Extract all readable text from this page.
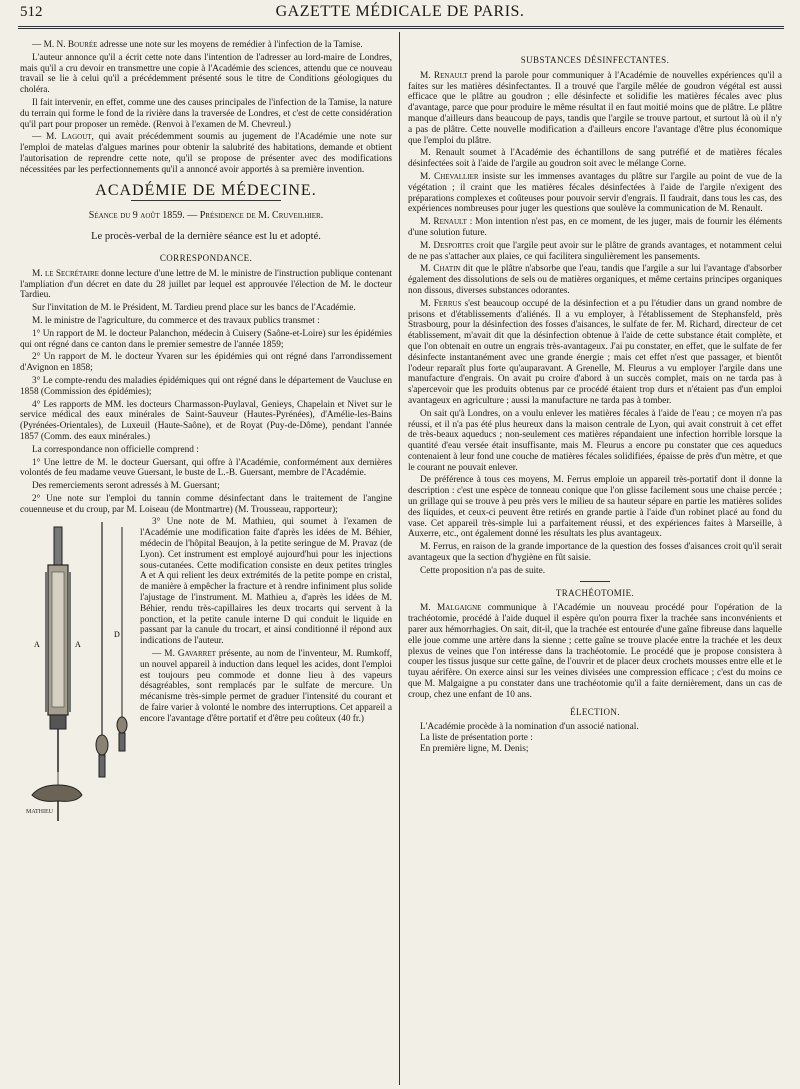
512	GAZETTE MÉDICALE DE PARIS.

— M. N. Bourée adresse une note sur les moyens de remédier à l'infection de la Tamise.

L'auteur annonce qu'il a écrit cette note dans l'intention de l'adresser au lord-maire de Londres, mais qu'il a cru devoir en transmettre une copie à l'Académie des sciences, attendu que ce nouveau travail se lie à celui qu'il a précédemment présenté sous le titre de Conditions géologiques du choléra.

Il fait intervenir, en effet, comme une des causes principales de l'infection de la Tamise, la nature du terrain qui forme le fond de la rivière dans la traversée de Londres, et c'est de cette considération qu'il part pour proposer un remède. (Renvoi à l'examen de M. Chevreul.)

— M. Lagout, qui avait précédemment soumis au jugement de l'Académie une note sur l'emploi de matelas d'algues marines pour obtenir la salubrité des habitations, demande et obtient l'autorisation de reprendre cette note, qu'il se propose de présenter avec des modifications nécessitées par les perfectionnements qu'il a annoncé avoir apportés à sa première invention.

ACADÉMIE DE MÉDECINE.
Séance du 9 août 1859. — Présidence de M. Cruveilhier.
Le procès-verbal de la dernière séance est lu et adopté.
CORRESPONDANCE.

M. le Secrétaire donne lecture d'une lettre de M. le ministre de l'instruction publique contenant l'ampliation d'un décret en date du 28 juillet par lequel est approuvée l'élection de M. le docteur Tardieu.

Sur l'invitation de M. le Président, M. Tardieu prend place sur les bancs de l'Académie.

M. le ministre de l'agriculture, du commerce et des travaux publics transmet :

1° Un rapport de M. le docteur Palanchon, médecin à Cuisery (Saône-et-Loire) sur les épidémies qui ont régné dans ce canton dans le premier semestre de l'année 1859;

2° Un rapport de M. le docteur Yvaren sur les épidémies qui ont régné dans l'arrondissement d'Avignon en 1858;

3° Le compte-rendu des maladies épidémiques qui ont régné dans le département de Vaucluse en 1858 (Commission des épidémies);

4° Les rapports de MM. les docteurs Charmasson-Puylaval, Genieys, Chapelain et Nivet sur le service médical des eaux minérales de Saint-Sauveur (Hautes-Pyrénées), d'Amélie-les-Bains (Pyrénées-Orientales), de Luxeuil (Haute-Saône), et de Royat (Puy-de-Dôme), pendant l'année 1857 (Comm. des eaux minérales.)

La correspondance non officielle comprend :

1° Une lettre de M. le docteur Guersant, qui offre à l'Académie, conformément aux dernières volontés de feu madame veuve Guersant, le buste de L.-B. Guersant, membre de l'Académie.

Des remerciements seront adressés à M. Guersant;

2° Une note sur l'emploi du tannin comme désinfectant dans le traitement de l'angine couenneuse et du croup, par M. Loiseau (de Montmartre) (M. Trousseau, rapporteur);

A	A
D
MATHIEU

3° Une note de M. Mathieu, qui soumet à l'examen de l'Académie une modification faite d'après les idées de M. Béhier, médecin de l'hôpital Beaujon, à la petite seringue de M. Pravaz (de Lyon). Cet instrument est employé aujourd'hui pour les injections sous-cutanées. Cette modification consiste en deux petites tringles A et A qui relient les deux extrémités de la petite pompe en cristal, de manière à empêcher la fracture et à rendre infiniment plus solide l'ajustage de l'instrument. M. Mathieu a, d'après les idées de M. Béhier, rendu très-capillaires les deux trocarts qui servent à la ponction, et la petite canule interne D qui conduit le liquide en passant par la canule du trocart, et ainsi conditionné il répond aux indications de l'auteur.

— M. Gavarret présente, au nom de l'inventeur, M. Rumkoff, un nouvel appareil à induction dans lequel les acides, dont l'emploi est toujours peu commode et donne lieu à des vapeurs désagréables, sont remplacés par le sulfate de mercure. Un mécanisme très-simple permet de graduer l'intensité du courant et de faire varier à volonté le nombre des interruptions. Cet appareil a encore l'avantage d'être portatif et d'être peu coûteux (40 fr.)

SUBSTANCES DÉSINFECTANTES.

M. Renault prend la parole pour communiquer à l'Académie de nouvelles expériences qu'il a faites sur les matières désinfectantes. Il a trouvé que l'argile mêlée de goudron végétal est aussi efficace que le plâtre au goudron ; elle désinfecte et solidifie les matières fécales avec plus d'avantage, parce que pour produire le même résultat il en faut moitié moins que de plâtre. Le plâtre manque d'ailleurs dans beaucoup de pays, tandis que l'argile se trouve partout, et surtout là où il n'y a pas de plâtre. Cette nouvelle modification a d'ailleurs encore l'avantage d'être plus économique que l'emploi du plâtre.

M. Renault soumet à l'Académie des échantillons de sang putréfié et de matières fécales désinfectées soit à l'aide de l'argile au goudron soit avec le mélange Corne.

M. Chevallier insiste sur les immenses avantages du plâtre sur l'argile au point de vue de la végétation ; il craint que les matières fécales désinfectées à l'aide de l'argile n'exigent des préparations complexes et coûteuses pour pouvoir servir d'engrais. Il faudrait, dans tous les cas, des expériences nombreuses pour juger les questions que soulève la communication de M. Renault.

M. Renault : Mon intention n'est pas, en ce moment, de les juger, mais de fournir les éléments d'une solution future.

M. Desportes croit que l'argile peut avoir sur le plâtre de grands avantages, et notamment celui de ne pas s'attacher aux plaies, ce qui facilitera singulièrement les pansements.

M. Chatin dit que le plâtre n'absorbe que l'eau, tandis que l'argile a sur lui l'avantage d'absorber également des dissolutions de sels ou de matières organiques, et même certains principes organiques non dissous, diverses substances odorantes.

M. Ferrus s'est beaucoup occupé de la désinfection et a pu l'étudier dans un grand nombre de prisons et d'établissements d'aliénés. Il a vu employer, à l'établissement de Stephansfeld, près Strasbourg, pour la désinfection des fosses d'aisances, le sulfate de fer. M. Richard, directeur de cet établissement, m'avait dit que la désinfection obtenue à l'aide de cette substance était complète, et que l'on obtenait en outre un engrais très-avantageux. J'ai pu constater, en effet, que le sulfate de fer désinfecte instantanément avec une grande énergie ; mais cet effet n'est que passager, et bientôt l'odeur reparaît plus forte qu'auparavant. A Grenelle, M. Fleurus a vu employer l'argile dans une manufacture d'engrais. On avait pu croire d'abord à un succès complet, mais on ne tarda pas à s'apercevoir que les produits obtenus par ce procédé étaient trop durs et n'étaient pas d'un emploi avantageux en agriculture ; aussi la manufacture ne tarda pas à tomber.

On sait qu'à Londres, on a voulu enlever les matières fécales à l'aide de l'eau ; ce moyen n'a pas réussi, et il n'a pas été plus heureux dans la maison centrale de Lyon, qui avait construit à cet effet de très-beaux aqueducs ; non-seulement ces matières répandaient une infection horrible lorsque la quantité d'eau versée était insuffisante, mais M. Fleurus a encore pu constater que ces aqueducs contenaient à leur fond une couche de matières fécales solidifiées, épaisse de près d'un mètre, et que le courant ne pouvait enlever.

De préférence à tous ces moyens, M. Ferrus emploie un appareil très-portatif dont il donne la description : c'est une espèce de tonneau conique que l'on glisse facilement sous une chaise percée ; un grillage qui se trouve à peu près vers le milieu de sa hauteur sépare en partie les matières solides des liquides, et ceux-ci peuvent être retirés en grande partie à l'aide d'un robinet placé au fond du vase. Cet appareil très-simple lui a parfaitement réussi, et des expériences faites à Marseille, à Auxerre, etc., ont également donné les résultats les plus avantageux.

M. Ferrus, en raison de la grande importance de la question des fosses d'aisances croit qu'il serait avantageux que la section d'hygiène en fût saisie.

Cette proposition n'a pas de suite.

TRACHÉOTOMIE.

M. Malgaigne communique à l'Académie un nouveau procédé pour l'opération de la trachéotomie, procédé à l'aide duquel il espère qu'on pourra fixer la trachée sans inconvénients et parer aux hémorrhagies. On sait, dit-il, que la trachée est entourée d'une gaîne fibreuse dans laquelle elle joue comme une artère dans la sienne ; cette gaîne se trouve placée entre la trachée et les deux plexus de veines que l'on intéresse dans la trachéotomie. Le procédé que je propose consistera à couper les tissus jusque sur cette gaîne, de l'ouvrir et de placer deux crochets mousses entre elle et le tuyau aérifère. On exerce ainsi sur les veines divisées une compression efficace ; c'est du moins ce que M. Malgaigne a pu constater dans une trachéotomie qu'il a faite dernièrement, dans un cas de croup, chez une enfant de 10 ans.

ÉLECTION.

L'Académie procède à la nomination d'un associé national.

La liste de présentation porte :

En première ligne, M. Denis;
